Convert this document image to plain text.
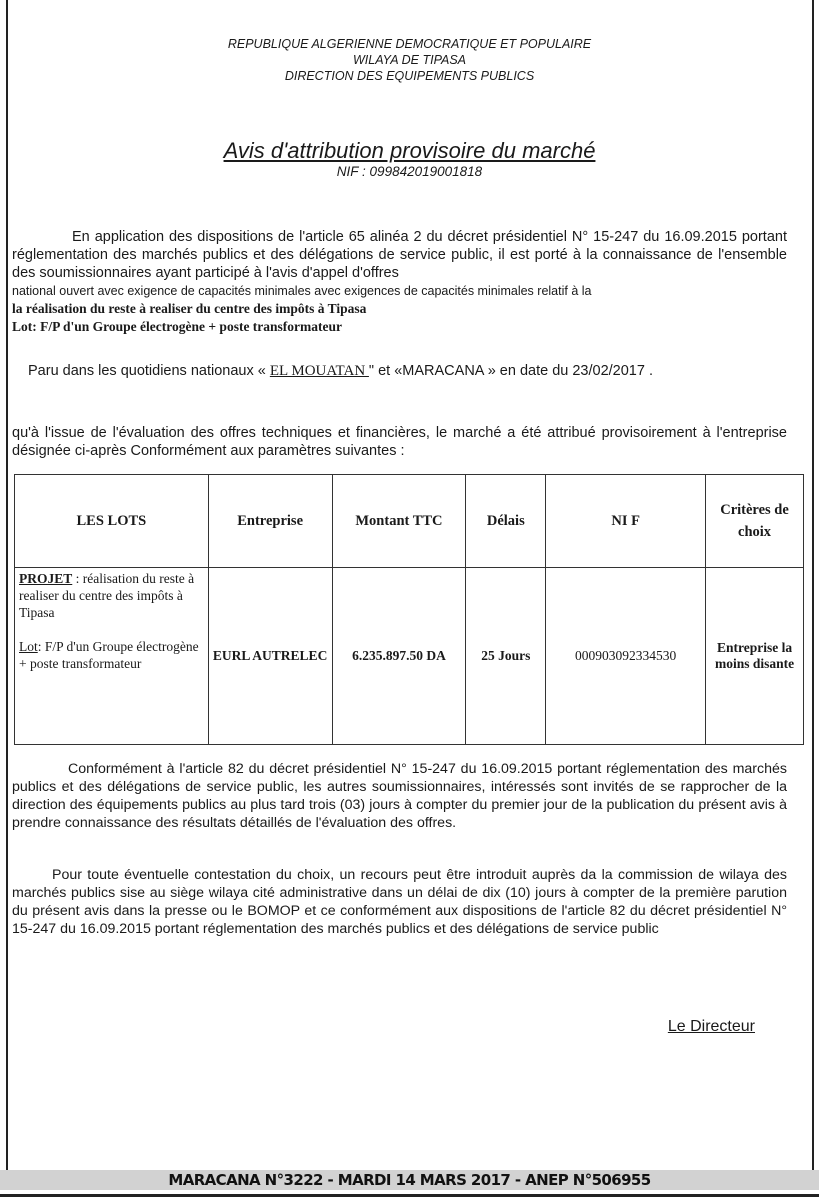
REPUBLIQUE ALGERIENNE DEMOCRATIQUE ET POPULAIRE
WILAYA DE TIPASA
DIRECTION DES EQUIPEMENTS PUBLICS
Avis d'attribution provisoire du marché
NIF : 099842019001818
En application des dispositions de l'article 65 alinéa 2 du décret présidentiel N° 15-247 du 16.09.2015 portant réglementation des marchés publics et des délégations de service public, il est porté à la connaissance de l'ensemble des soumissionnaires ayant participé à l'avis d'appel d'offres
national ouvert avec exigence de capacités minimales avec exigences de capacités minimales relatif à la
la réalisation du reste à realiser du centre des impôts à Tipasa
Lot: F/P d'un Groupe électrogène + poste transformateur
Paru dans les quotidiens nationaux « EL MOUATAN " et «MARACANA » en date du 23/02/2017 .
qu'à l'issue de l'évaluation des offres techniques et financières, le marché a été attribué provisoirement à l'entreprise désignée ci-après Conformément aux paramètres suivantes :
LES LOTS	Entreprise	Montant TTC	Délais	NI F	Critères de choix
PROJET : réalisation du reste à realiser du centre des impôts à Tipasa

Lot: F/P d'un Groupe électrogène + poste transformateur	EURL AUTRELEC	6.235.897.50 DA	25 Jours	000903092334530	Entreprise la moins disante
Conformément à l'article 82 du décret présidentiel N° 15-247 du 16.09.2015 portant réglementation des marchés publics et des délégations de service public, les autres soumissionnaires, intéressés sont invités de se rapprocher de la direction des équipements publics au plus tard trois (03) jours à compter du premier jour de la publication du présent avis à prendre connaissance des résultats détaillés de l'évaluation des offres.
Pour toute éventuelle contestation du choix, un recours peut être introduit auprès da la commission de wilaya des marchés publics sise au siège wilaya cité administrative dans un délai de dix (10) jours à compter de la première parution du présent avis dans la presse ou le BOMOP et ce conformément aux dispositions de l'article 82 du décret présidentiel N° 15-247 du 16.09.2015 portant réglementation des marchés publics et des délégations de service public
Le Directeur
MARACANA N°3222 - MARDI 14 MARS 2017 - ANEP N°506955
